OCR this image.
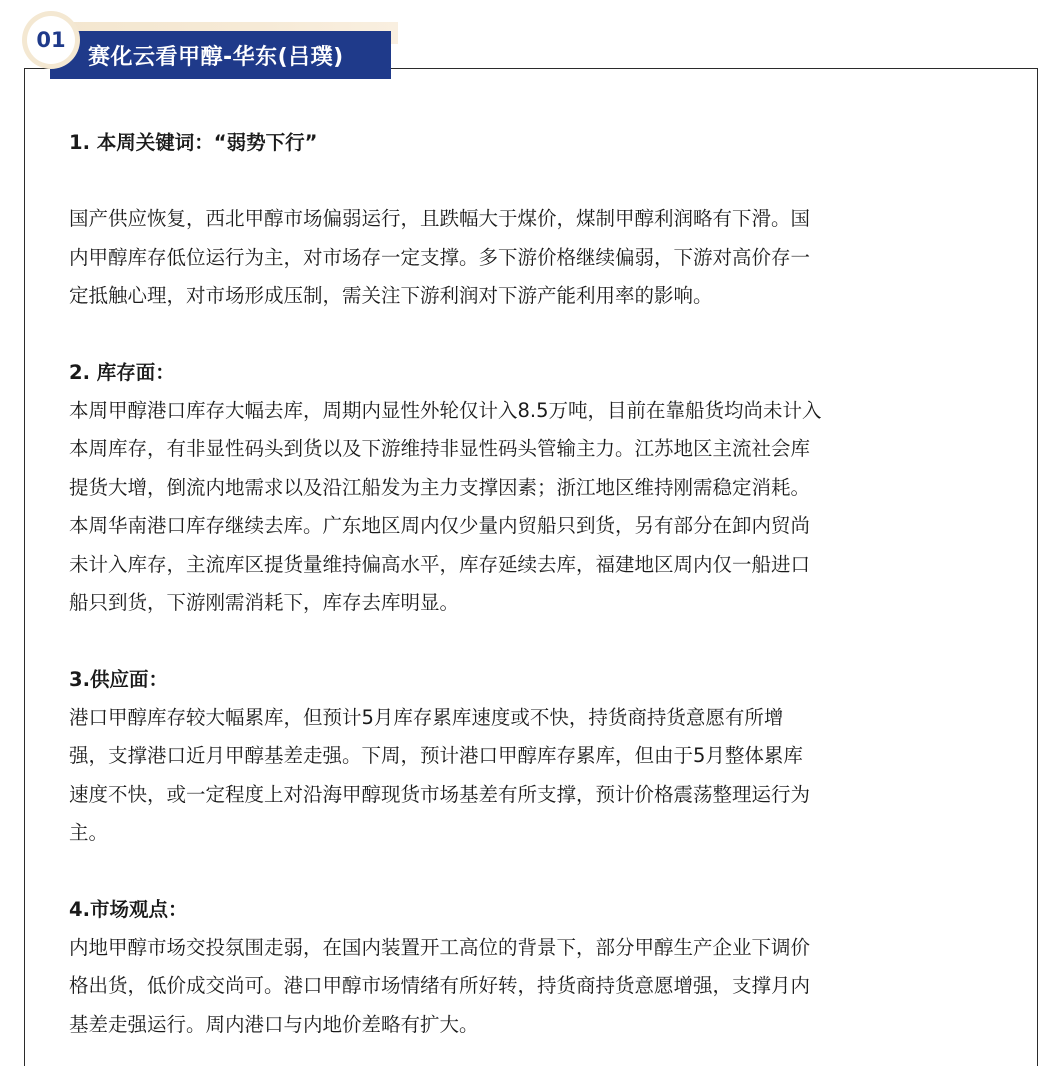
赛化云看甲醇-华东(吕璞)
01

1. 本周关键词：“弱势下行”

国产供应恢复，西北甲醇市场偏弱运行，且跌幅大于煤价，煤制甲醇利润略有下滑。国

内甲醇库存低位运行为主，对市场存一定支撑。多下游价格继续偏弱，下游对高价存一

定抵触心理，对市场形成压制，需关注下游利润对下游产能利用率的影响。

2. 库存面：

本周甲醇港口库存大幅去库，周期内显性外轮仅计入8.5万吨，目前在靠船货均尚未计入

本周库存，有非显性码头到货以及下游维持非显性码头管输主力。江苏地区主流社会库

提货大增，倒流内地需求以及沿江船发为主力支撑因素；浙江地区维持刚需稳定消耗。

本周华南港口库存继续去库。广东地区周内仅少量内贸船只到货，另有部分在卸内贸尚

未计入库存，主流库区提货量维持偏高水平，库存延续去库，福建地区周内仅一船进口

船只到货，下游刚需消耗下，库存去库明显。

3.供应面：

港口甲醇库存较大幅累库，但预计5月库存累库速度或不快，持货商持货意愿有所增

强，支撑港口近月甲醇基差走强。下周，预计港口甲醇库存累库，但由于5月整体累库

速度不快，或一定程度上对沿海甲醇现货市场基差有所支撑，预计价格震荡整理运行为

主。

4.市场观点：

内地甲醇市场交投氛围走弱，在国内装置开工高位的背景下，部分甲醇生产企业下调价

格出货，低价成交尚可。港口甲醇市场情绪有所好转，持货商持货意愿增强，支撑月内

基差走强运行。周内港口与内地价差略有扩大。
